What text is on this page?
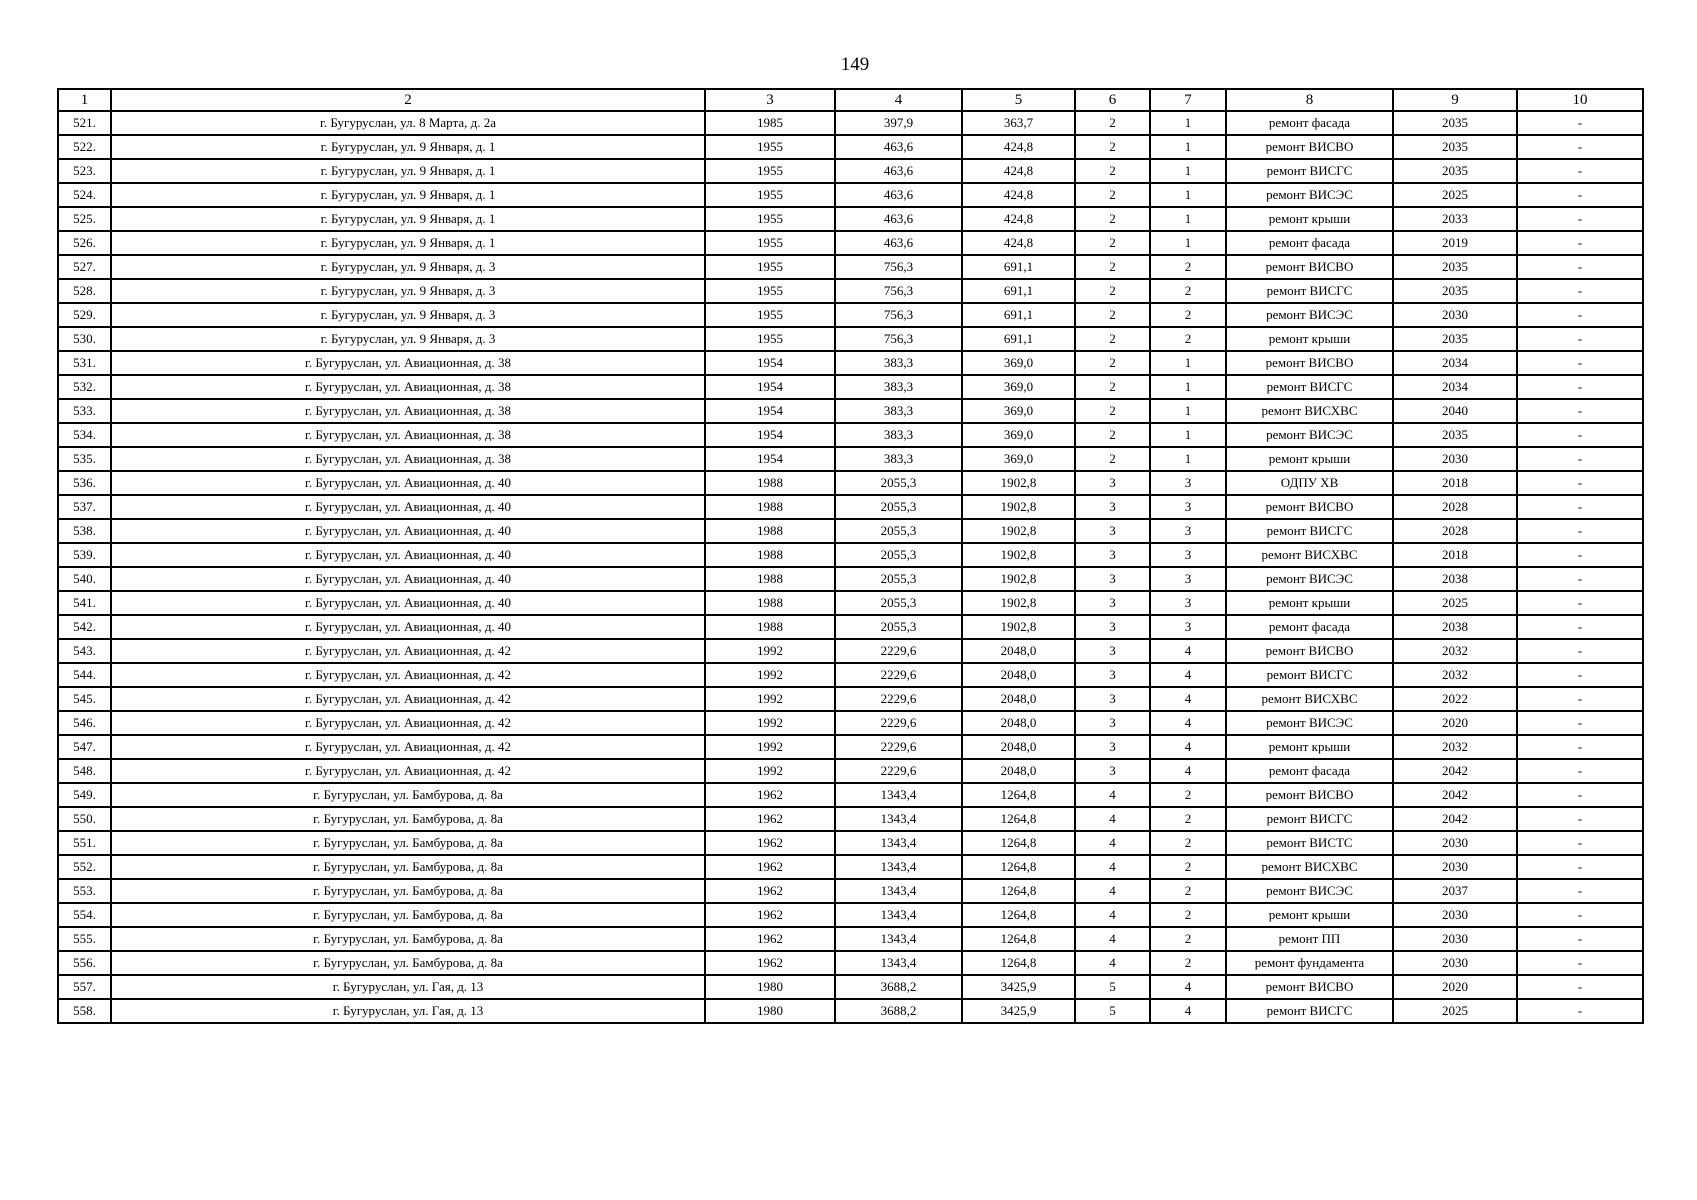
149
1	2	3	4	5	6	7	8	9	10
521.	г. Бугуруслан, ул. 8 Марта, д. 2а	1985	397,9	363,7	2	1	ремонт фасада	2035	-
522.	г. Бугуруслан, ул. 9 Января, д. 1	1955	463,6	424,8	2	1	ремонт ВИСВО	2035	-
523.	г. Бугуруслан, ул. 9 Января, д. 1	1955	463,6	424,8	2	1	ремонт ВИСГС	2035	-
524.	г. Бугуруслан, ул. 9 Января, д. 1	1955	463,6	424,8	2	1	ремонт ВИСЭС	2025	-
525.	г. Бугуруслан, ул. 9 Января, д. 1	1955	463,6	424,8	2	1	ремонт крыши	2033	-
526.	г. Бугуруслан, ул. 9 Января, д. 1	1955	463,6	424,8	2	1	ремонт фасада	2019	-
527.	г. Бугуруслан, ул. 9 Января, д. 3	1955	756,3	691,1	2	2	ремонт ВИСВО	2035	-
528.	г. Бугуруслан, ул. 9 Января, д. 3	1955	756,3	691,1	2	2	ремонт ВИСГС	2035	-
529.	г. Бугуруслан, ул. 9 Января, д. 3	1955	756,3	691,1	2	2	ремонт ВИСЭС	2030	-
530.	г. Бугуруслан, ул. 9 Января, д. 3	1955	756,3	691,1	2	2	ремонт крыши	2035	-
531.	г. Бугуруслан, ул. Авиационная, д. 38	1954	383,3	369,0	2	1	ремонт ВИСВО	2034	-
532.	г. Бугуруслан, ул. Авиационная, д. 38	1954	383,3	369,0	2	1	ремонт ВИСГС	2034	-
533.	г. Бугуруслан, ул. Авиационная, д. 38	1954	383,3	369,0	2	1	ремонт ВИСХВС	2040	-
534.	г. Бугуруслан, ул. Авиационная, д. 38	1954	383,3	369,0	2	1	ремонт ВИСЭС	2035	-
535.	г. Бугуруслан, ул. Авиационная, д. 38	1954	383,3	369,0	2	1	ремонт крыши	2030	-
536.	г. Бугуруслан, ул. Авиационная, д. 40	1988	2055,3	1902,8	3	3	ОДПУ ХВ	2018	-
537.	г. Бугуруслан, ул. Авиационная, д. 40	1988	2055,3	1902,8	3	3	ремонт ВИСВО	2028	-
538.	г. Бугуруслан, ул. Авиационная, д. 40	1988	2055,3	1902,8	3	3	ремонт ВИСГС	2028	-
539.	г. Бугуруслан, ул. Авиационная, д. 40	1988	2055,3	1902,8	3	3	ремонт ВИСХВС	2018	-
540.	г. Бугуруслан, ул. Авиационная, д. 40	1988	2055,3	1902,8	3	3	ремонт ВИСЭС	2038	-
541.	г. Бугуруслан, ул. Авиационная, д. 40	1988	2055,3	1902,8	3	3	ремонт крыши	2025	-
542.	г. Бугуруслан, ул. Авиационная, д. 40	1988	2055,3	1902,8	3	3	ремонт фасада	2038	-
543.	г. Бугуруслан, ул. Авиационная, д. 42	1992	2229,6	2048,0	3	4	ремонт ВИСВО	2032	-
544.	г. Бугуруслан, ул. Авиационная, д. 42	1992	2229,6	2048,0	3	4	ремонт ВИСГС	2032	-
545.	г. Бугуруслан, ул. Авиационная, д. 42	1992	2229,6	2048,0	3	4	ремонт ВИСХВС	2022	-
546.	г. Бугуруслан, ул. Авиационная, д. 42	1992	2229,6	2048,0	3	4	ремонт ВИСЭС	2020	-
547.	г. Бугуруслан, ул. Авиационная, д. 42	1992	2229,6	2048,0	3	4	ремонт крыши	2032	-
548.	г. Бугуруслан, ул. Авиационная, д. 42	1992	2229,6	2048,0	3	4	ремонт фасада	2042	-
549.	г. Бугуруслан, ул. Бамбурова, д. 8а	1962	1343,4	1264,8	4	2	ремонт ВИСВО	2042	-
550.	г. Бугуруслан, ул. Бамбурова, д. 8а	1962	1343,4	1264,8	4	2	ремонт ВИСГС	2042	-
551.	г. Бугуруслан, ул. Бамбурова, д. 8а	1962	1343,4	1264,8	4	2	ремонт ВИСТС	2030	-
552.	г. Бугуруслан, ул. Бамбурова, д. 8а	1962	1343,4	1264,8	4	2	ремонт ВИСХВС	2030	-
553.	г. Бугуруслан, ул. Бамбурова, д. 8а	1962	1343,4	1264,8	4	2	ремонт ВИСЭС	2037	-
554.	г. Бугуруслан, ул. Бамбурова, д. 8а	1962	1343,4	1264,8	4	2	ремонт крыши	2030	-
555.	г. Бугуруслан, ул. Бамбурова, д. 8а	1962	1343,4	1264,8	4	2	ремонт ПП	2030	-
556.	г. Бугуруслан, ул. Бамбурова, д. 8а	1962	1343,4	1264,8	4	2	ремонт фундамента	2030	-
557.	г. Бугуруслан, ул. Гая, д. 13	1980	3688,2	3425,9	5	4	ремонт ВИСВО	2020	-
558.	г. Бугуруслан, ул. Гая, д. 13	1980	3688,2	3425,9	5	4	ремонт ВИСГС	2025	-
